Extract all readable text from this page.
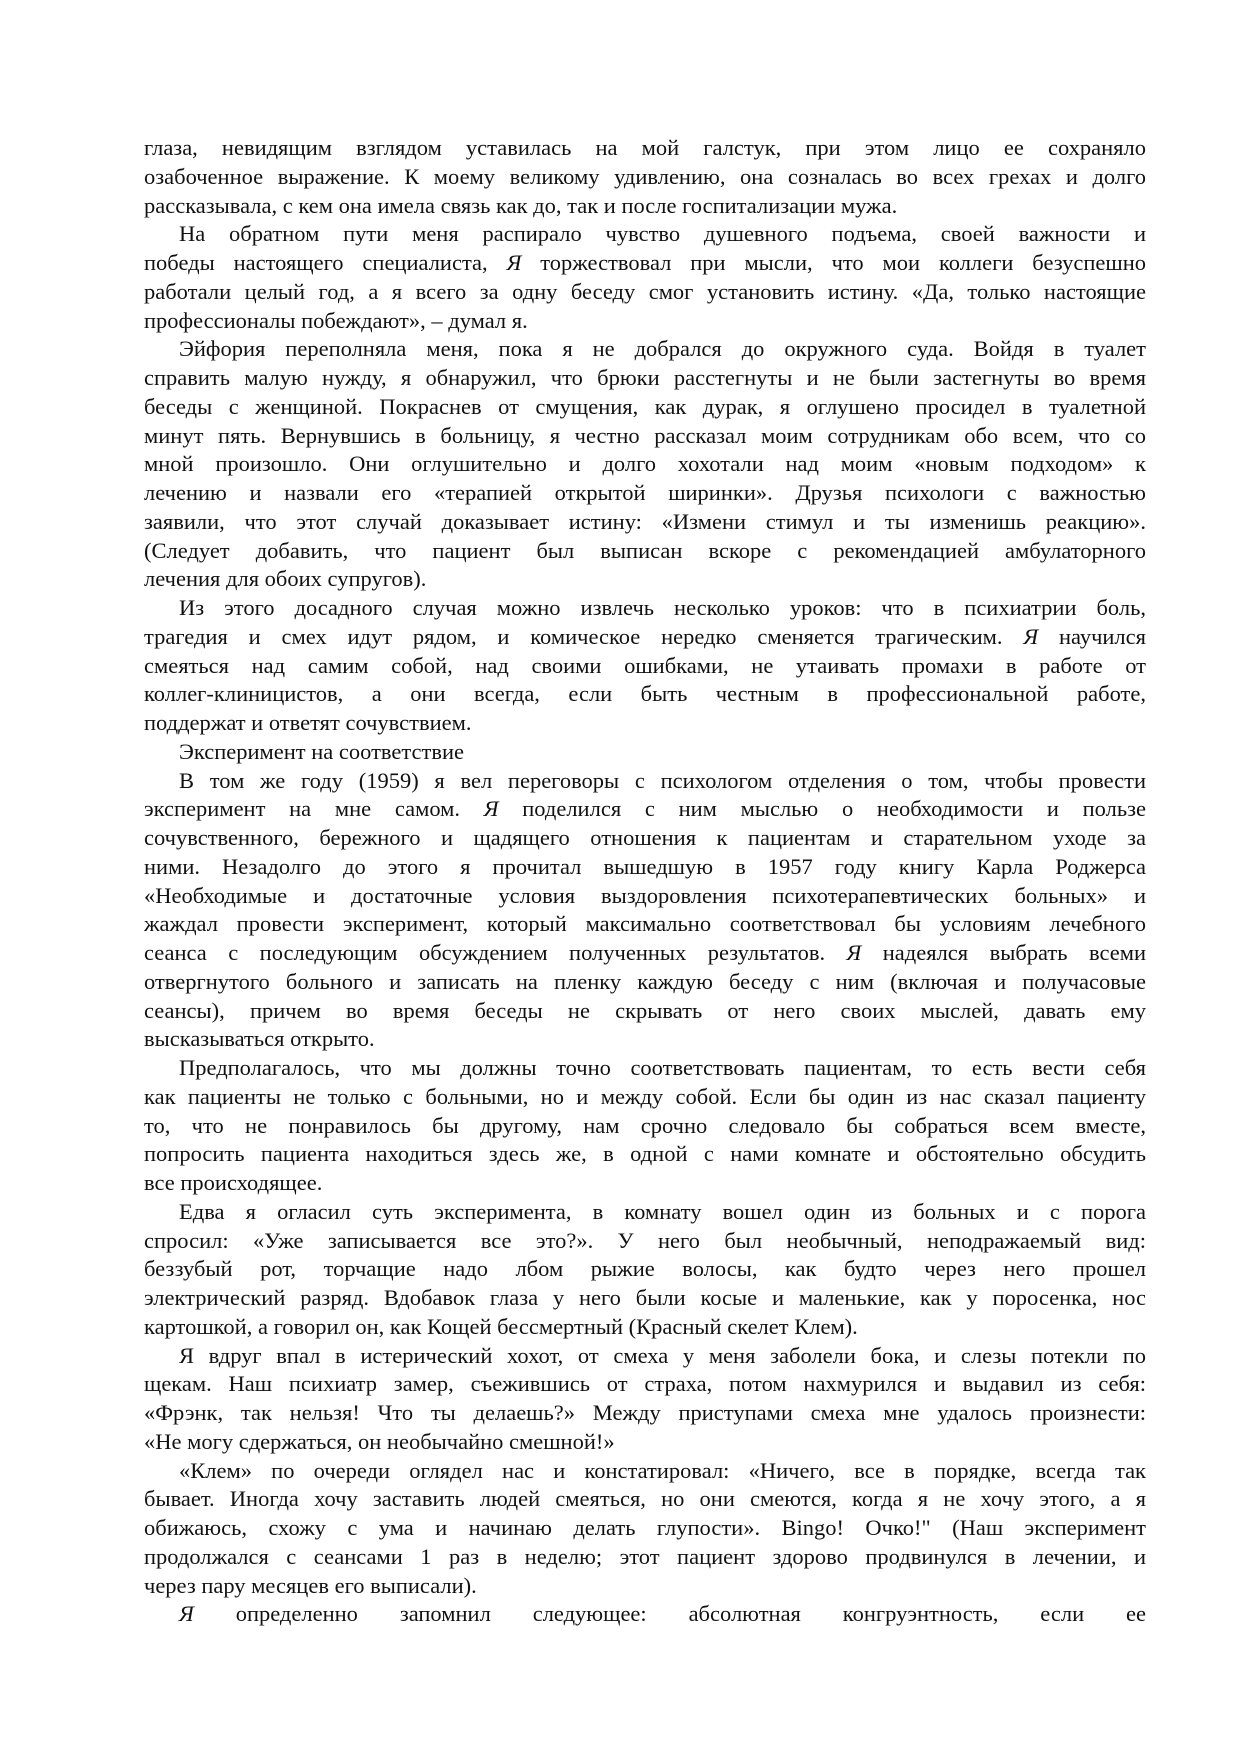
глаза, невидящим взглядом уставилась на мой галстук, при этом лицо ее сохраняло
озабоченное выражение. К моему великому удивлению, она созналась во всех грехах и долго
рассказывала, с кем она имела связь как до, так и после госпитализации мужа.
На обратном пути меня распирало чувство душевного подъема, своей важности и
победы настоящего специалиста, Я торжествовал при мысли, что мои коллеги безуспешно
работали целый год, а я всего за одну беседу смог установить истину. «Да, только настоящие
профессионалы побеждают», – думал я.
Эйфория переполняла меня, пока я не добрался до окружного суда. Войдя в туалет
справить малую нужду, я обнаружил, что брюки расстегнуты и не были застегнуты во время
беседы с женщиной. Покраснев от смущения, как дурак, я оглушено просидел в туалетной
минут пять. Вернувшись в больницу, я честно рассказал моим сотрудникам обо всем, что со
мной произошло. Они оглушительно и долго хохотали над моим «новым подходом» к
лечению и назвали его «терапией открытой ширинки». Друзья психологи с важностью
заявили, что этот случай доказывает истину: «Измени стимул и ты изменишь реакцию».
(Следует добавить, что пациент был выписан вскоре с рекомендацией амбулаторного
лечения для обоих супругов).
Из этого досадного случая можно извлечь несколько уроков: что в психиатрии боль,
трагедия и смех идут рядом, и комическое нередко сменяется трагическим. Я научился
смеяться над самим собой, над своими ошибками, не утаивать промахи в работе от
коллег-клиницистов, а они всегда, если быть честным в профессиональной работе,
поддержат и ответят сочувствием.
Эксперимент на соответствие
В том же году (1959) я вел переговоры с психологом отделения о том, чтобы провести
эксперимент на мне самом. Я поделился с ним мыслью о необходимости и пользе
сочувственного, бережного и щадящего отношения к пациентам и старательном уходе за
ними. Незадолго до этого я прочитал вышедшую в 1957 году книгу Карла Роджерса
«Необходимые и достаточные условия выздоровления психотерапевтических больных» и
жаждал провести эксперимент, который максимально соответствовал бы условиям лечебного
сеанса с последующим обсуждением полученных результатов. Я надеялся выбрать всеми
отвергнутого больного и записать на пленку каждую беседу с ним (включая и получасовые
сеансы), причем во время беседы не скрывать от него своих мыслей, давать ему
высказываться открыто.
Предполагалось, что мы должны точно соответствовать пациентам, то есть вести себя
как пациенты не только с больными, но и между собой. Если бы один из нас сказал пациенту
то, что не понравилось бы другому, нам срочно следовало бы собраться всем вместе,
попросить пациента находиться здесь же, в одной с нами комнате и обстоятельно обсудить
все происходящее.
Едва я огласил суть эксперимента, в комнату вошел один из больных и с порога
спросил: «Уже записывается все это?». У него был необычный, неподражаемый вид:
беззубый рот, торчащие надо лбом рыжие волосы, как будто через него прошел
электрический разряд. Вдобавок глаза у него были косые и маленькие, как у поросенка, нос
картошкой, а говорил он, как Кощей бессмертный (Красный скелет Клем).
Я вдруг впал в истерический хохот, от смеха у меня заболели бока, и слезы потекли по
щекам. Наш психиатр замер, съежившись от страха, потом нахмурился и выдавил из себя:
«Фрэнк, так нельзя! Что ты делаешь?» Между приступами смеха мне удалось произнести:
«Не могу сдержаться, он необычайно смешной!»
«Клем» по очереди оглядел нас и констатировал: «Ничего, все в порядке, всегда так
бывает. Иногда хочу заставить людей смеяться, но они смеются, когда я не хочу этого, а я
обижаюсь, схожу с ума и начинаю делать глупости». Bingo! Очко!" (Наш эксперимент
продолжался с сеансами 1 раз в неделю; этот пациент здорово продвинулся в лечении, и
через пару месяцев его выписали).
Я определенно запомнил следующее: абсолютная конгруэнтность, если ее
